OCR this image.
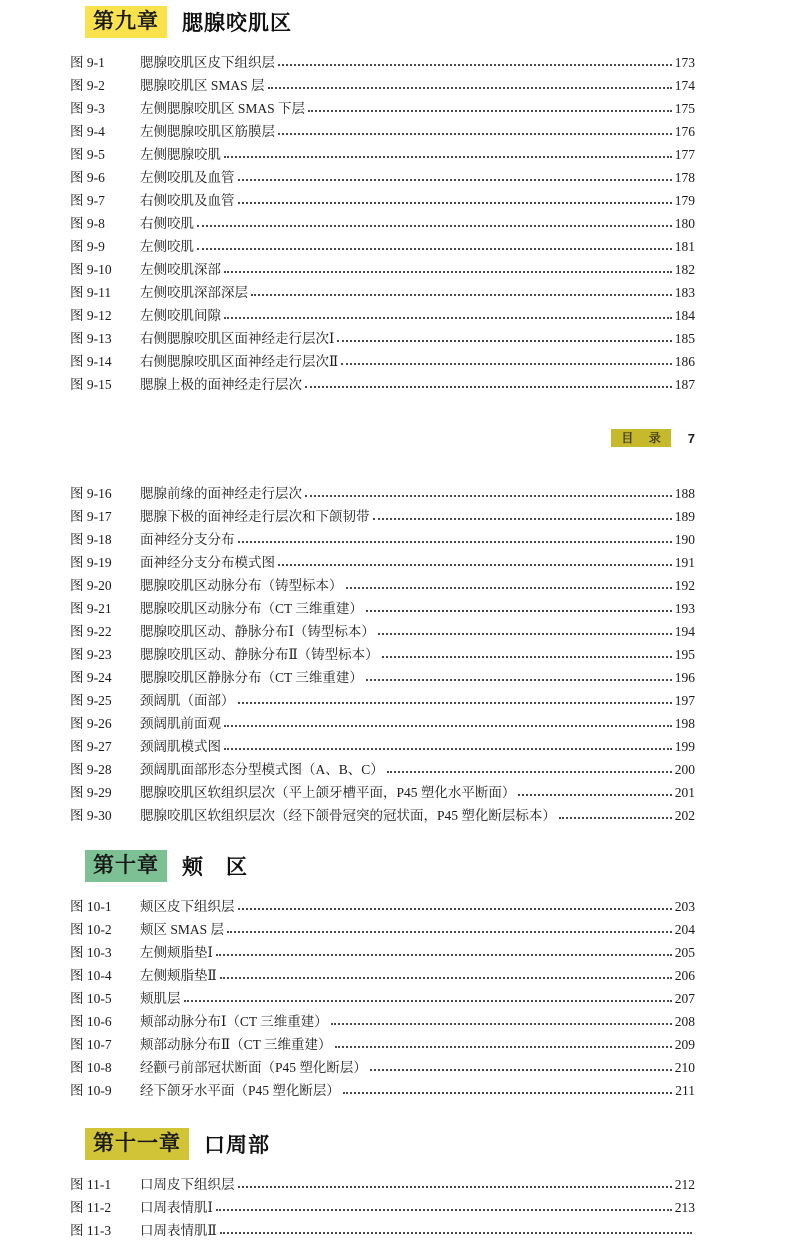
第九章	腮腺咬肌区
图 9-1	腮腺咬肌区皮下组织层	173
图 9-2	腮腺咬肌区 SMAS 层	174
图 9-3	左侧腮腺咬肌区 SMAS 下层	175
图 9-4	左侧腮腺咬肌区筋膜层	176
图 9-5	左侧腮腺咬肌	177
图 9-6	左侧咬肌及血管	178
图 9-7	右侧咬肌及血管	179
图 9-8	右侧咬肌	180
图 9-9	左侧咬肌	181
图 9-10	左侧咬肌深部	182
图 9-11	左侧咬肌深部深层	183
图 9-12	左侧咬肌间隙	184
图 9-13	右侧腮腺咬肌区面神经走行层次Ⅰ	185
图 9-14	右侧腮腺咬肌区面神经走行层次Ⅱ	186
图 9-15	腮腺上极的面神经走行层次	187
目 录	7
图 9-16	腮腺前缘的面神经走行层次	188
图 9-17	腮腺下极的面神经走行层次和下颌韧带	189
图 9-18	面神经分支分布	190
图 9-19	面神经分支分布模式图	191
图 9-20	腮腺咬肌区动脉分布（铸型标本）	192
图 9-21	腮腺咬肌区动脉分布（CT 三维重建）	193
图 9-22	腮腺咬肌区动、静脉分布Ⅰ（铸型标本）	194
图 9-23	腮腺咬肌区动、静脉分布Ⅱ（铸型标本）	195
图 9-24	腮腺咬肌区静脉分布（CT 三维重建）	196
图 9-25	颈阔肌（面部）	197
图 9-26	颈阔肌前面观	198
图 9-27	颈阔肌模式图	199
图 9-28	颈阔肌面部形态分型模式图（A、B、C）	200
图 9-29	腮腺咬肌区软组织层次（平上颌牙槽平面，P45 塑化水平断面）	201
图 9-30	腮腺咬肌区软组织层次（经下颌骨冠突的冠状面，P45 塑化断层标本）	202
第十章	颊　区
图 10-1	颊区皮下组织层	203
图 10-2	颊区 SMAS 层	204
图 10-3	左侧颊脂垫Ⅰ	205
图 10-4	左侧颊脂垫Ⅱ	206
图 10-5	颊肌层	207
图 10-6	颊部动脉分布Ⅰ（CT 三维重建）	208
图 10-7	颊部动脉分布Ⅱ（CT 三维重建）	209
图 10-8	经颧弓前部冠状断面（P45 塑化断层）	210
图 10-9	经下颌牙水平面（P45 塑化断层）	211
第十一章	口周部
图 11-1	口周皮下组织层	212
图 11-2	口周表情肌Ⅰ	213
图 11-3	口周表情肌Ⅱ
